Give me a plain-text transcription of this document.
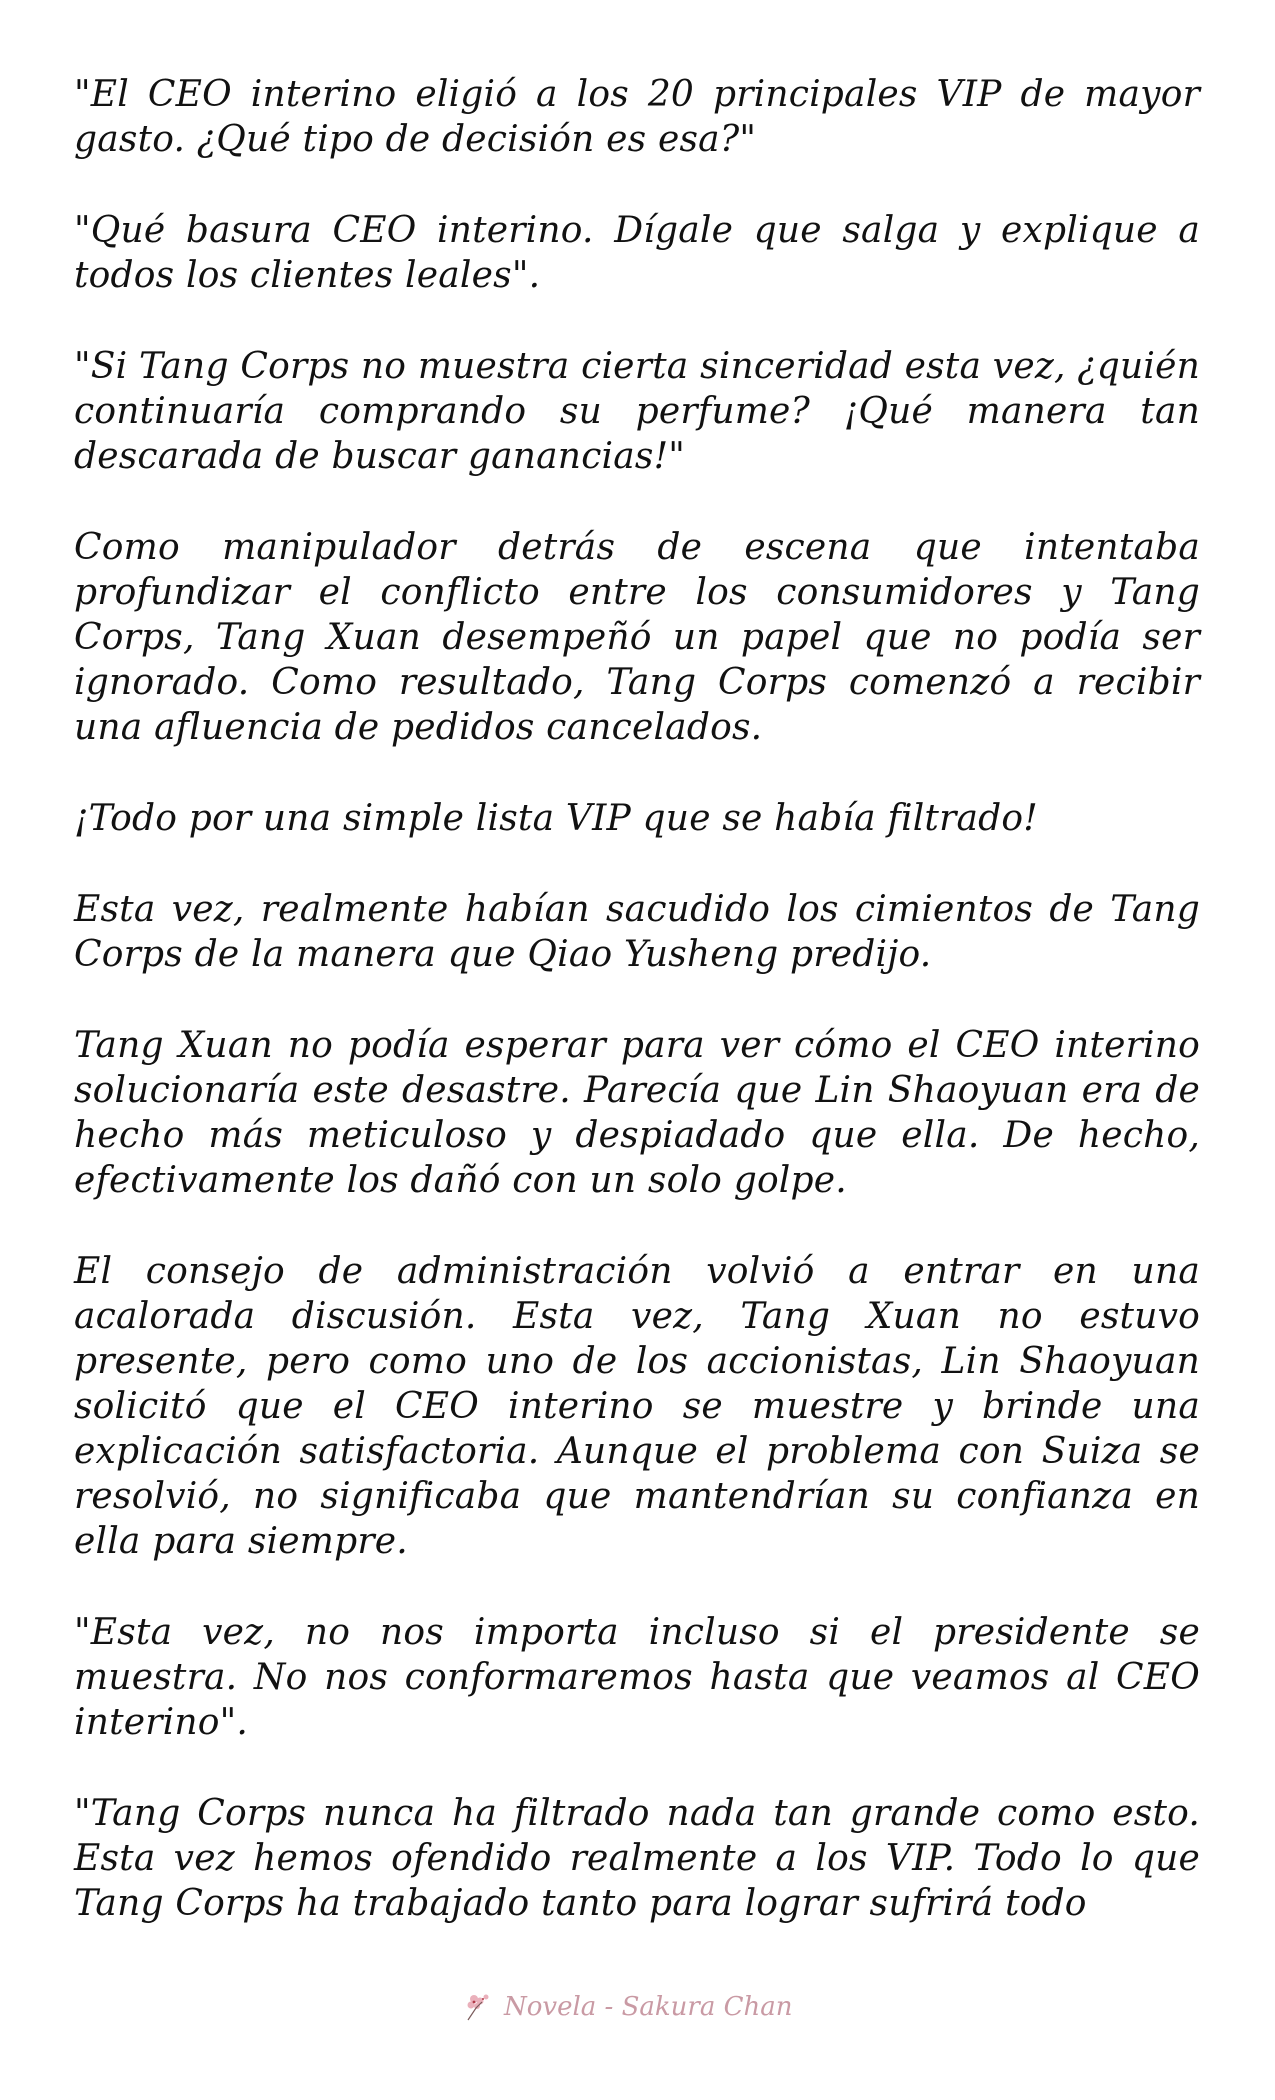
"El CEO interino eligió a los 20 principales VIP de mayor gasto. ¿Qué tipo de decisión es esa?"

"Qué basura CEO interino. Dígale que salga y explique a todos los clientes leales".

"Si Tang Corps no muestra cierta sinceridad esta vez, ¿quién continuaría comprando su perfume? ¡Qué manera tan descarada de buscar ganancias!"

Como manipulador detrás de escena que intentaba profundizar el conflicto entre los consumidores y Tang Corps, Tang Xuan desempeñó un papel que no podía ser ignorado. Como resultado, Tang Corps comenzó a recibir una afluencia de pedidos cancelados.

¡Todo por una simple lista VIP que se había filtrado!

Esta vez, realmente habían sacudido los cimientos de Tang Corps de la manera que Qiao Yusheng predijo.

Tang Xuan no podía esperar para ver cómo el CEO interino solucionaría este desastre. Parecía que Lin Shaoyuan era de hecho más meticuloso y despiadado que ella. De hecho, efectivamente los dañó con un solo golpe.

El consejo de administración volvió a entrar en una acalorada discusión. Esta vez, Tang Xuan no estuvo presente, pero como uno de los accionistas, Lin Shaoyuan solicitó que el CEO interino se muestre y brinde una explicación satisfactoria. Aunque el problema con Suiza se resolvió, no significaba que mantendrían su confianza en ella para siempre.

"Esta vez, no nos importa incluso si el presidente se muestra. No nos conformaremos hasta que veamos al CEO interino".

"Tang Corps nunca ha filtrado nada tan grande como esto. Esta vez hemos ofendido realmente a los VIP. Todo lo que Tang Corps ha trabajado tanto para lograr sufrirá todo

Novela - Sakura Chan
